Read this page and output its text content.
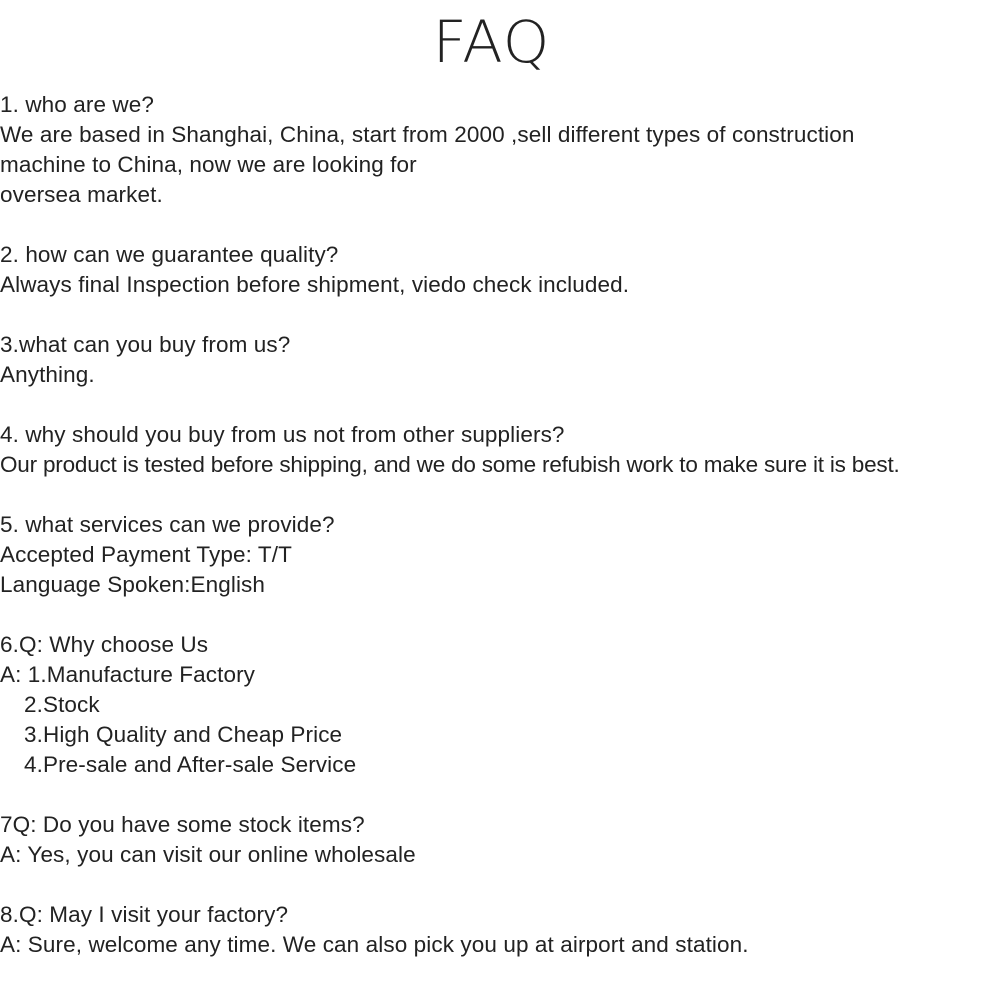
FAQ
1. who are we?
We are based in Shanghai, China, start from 2000 ,sell different types of construction
machine to China, now we are looking for
oversea market.
2. how can we guarantee quality?
Always final Inspection before shipment, viedo check included.
3.what can you buy from us?
Anything.
4. why should you buy from us not from other suppliers?
Our product is tested before shipping, and we do some refubish work to make sure it is best.
5. what services can we provide?
Accepted Payment Type: T/T
Language Spoken:English
6.Q: Why choose Us
A: 1.Manufacture Factory
2.Stock
3.High Quality and Cheap Price
4.Pre-sale and After-sale Service
7Q: Do you have some stock items?
A: Yes, you can visit our online wholesale
8.Q: May I visit your factory?
A: Sure, welcome any time. We can also pick you up at airport and station.
